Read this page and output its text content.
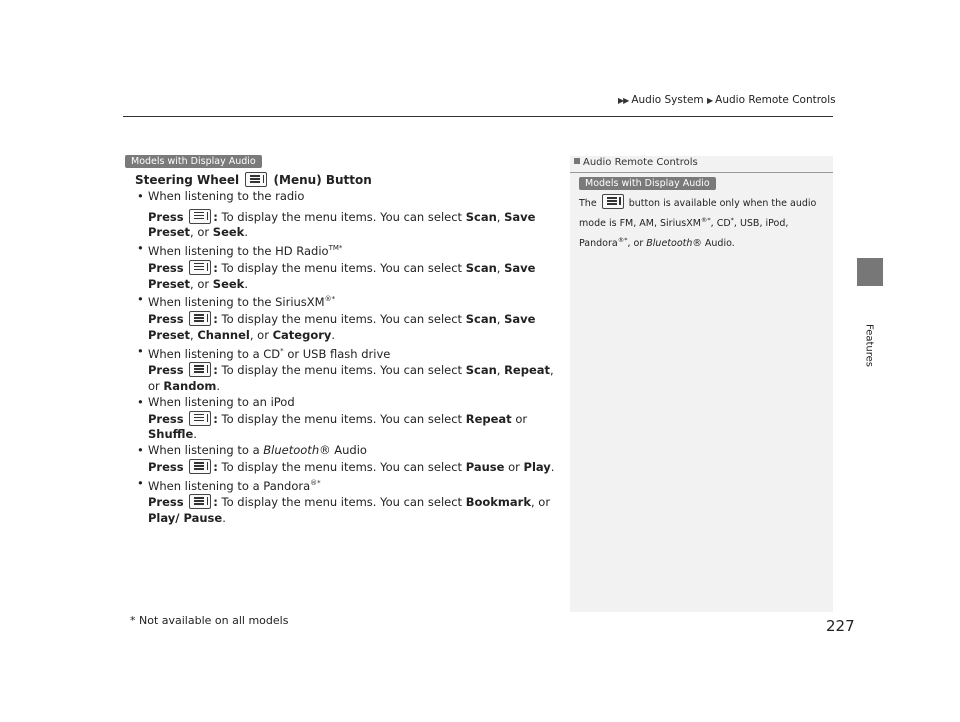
▶▶ Audio System ▶ Audio Remote Controls
Features
Models with Display Audio
Steering Wheel	(Menu) Button
• When listening to the radio
Press	: To display the menu items. You can select Scan, Save Preset, or Seek.
• When listening to the HD Radio$^{TM*}$
Press	: To display the menu items. You can select Scan, Save Preset, or Seek.
• When listening to the SiriusXM®*
Press	: To display the menu items. You can select Scan, Save Preset, Channel, or Category.
• When listening to a CD* or USB flash drive
Press	: To display the menu items. You can select Scan, Repeat, or Random.
• When listening to an iPod
Press	: To display the menu items. You can select Repeat or Shuffle.
• When listening to a Bluetooth® Audio
Press	: To display the menu items. You can select Pause or Play.
• When listening to a Pandora®*
Press	: To display the menu items. You can select Bookmark, or Play/ Pause.
Audio Remote Controls
Models with Display Audio
The	button is available only when the audio mode is FM, AM, SiriusXM®*, CD*, USB, iPod, Pandora®*, or Bluetooth® Audio.
* Not available on all models	227
